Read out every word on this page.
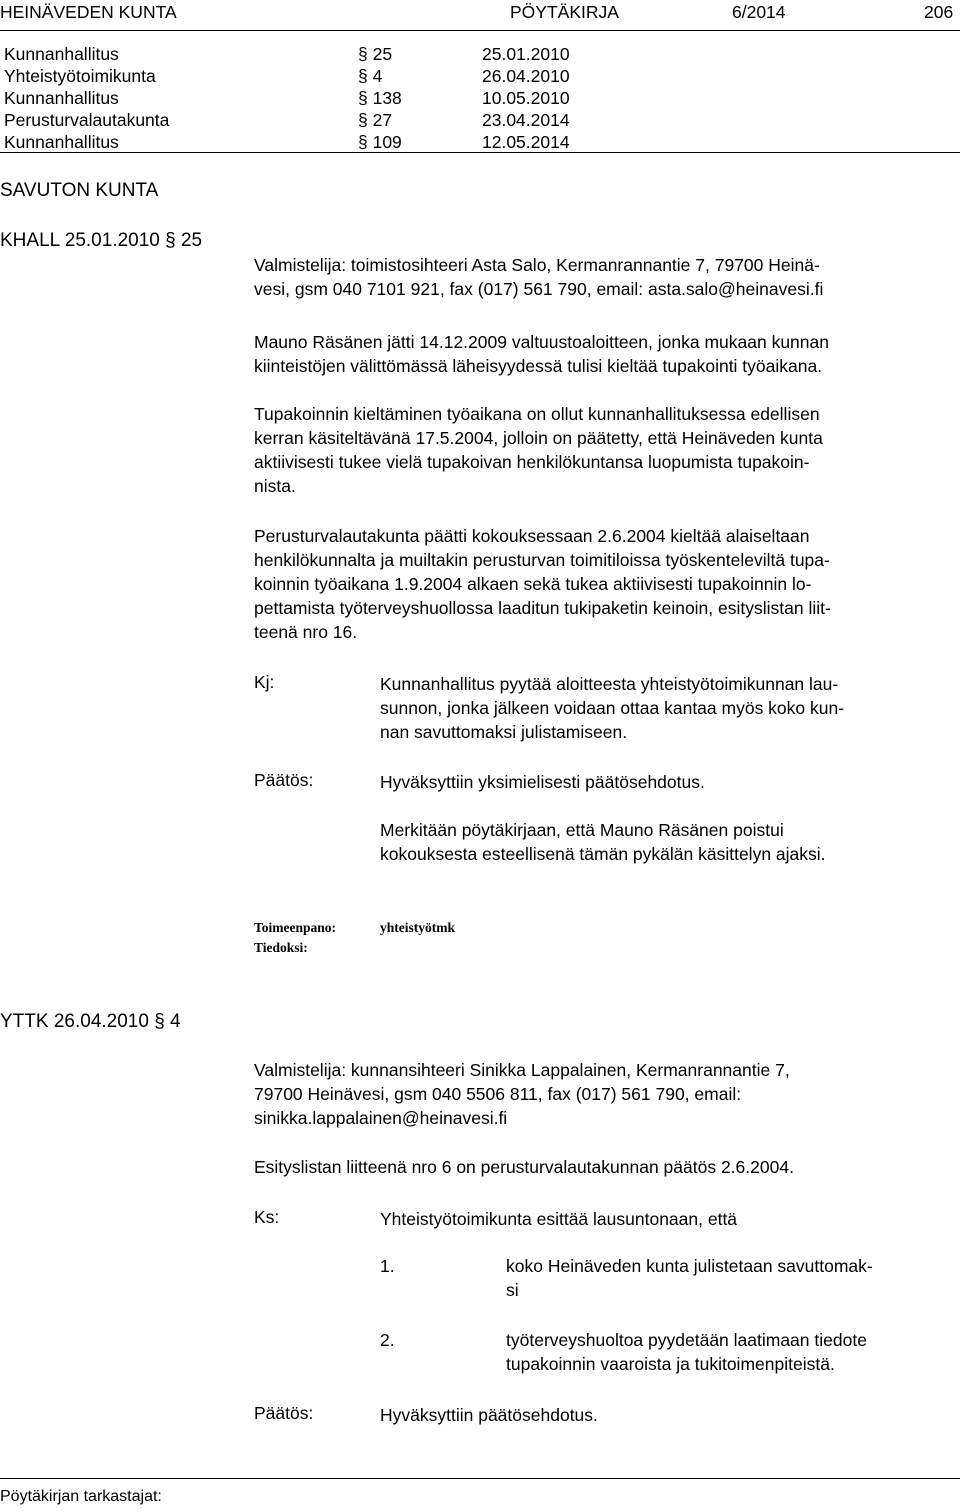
HEINÄVEDEN KUNTA	PÖYTÄKIRJA	6/2014	206
Kunnanhallitus	§ 25	25.01.2010
Yhteistyötoimikunta	§ 4	26.04.2010
Kunnanhallitus	§ 138	10.05.2010
Perusturvalautakunta	§ 27	23.04.2014
Kunnanhallitus	§ 109	12.05.2014
SAVUTON KUNTA
KHALL 25.01.2010 § 25
Valmistelija: toimistosihteeri Asta Salo, Kermanrannantie 7, 79700 Heinä-
vesi, gsm 040 7101 921, fax (017) 561 790, email: asta.salo@heinavesi.fi
Mauno Räsänen jätti 14.12.2009 valtuustoaloitteen, jonka mukaan kunnan
kiinteistöjen välittömässä läheisyydessä tulisi kieltää tupakointi työaikana.
Tupakoinnin kieltäminen työaikana on ollut kunnanhallituksessa edellisen
kerran käsiteltävänä 17.5.2004, jolloin on päätetty, että Heinäveden kunta
aktiivisesti tukee vielä tupakoivan henkilökuntansa luopumista tupakoin-
nista.
Perusturvalautakunta päätti kokouksessaan 2.6.2004 kieltää alaiseltaan
henkilökunnalta ja muiltakin perusturvan toimitiloissa työskenteleviltä tupa-
koinnin työaikana 1.9.2004 alkaen sekä tukea aktiivisesti tupakoinnin lo-
pettamista työterveyshuollossa laaditun tukipaketin keinoin, esityslistan liit-
teenä nro 16.
Kj:	Kunnanhallitus pyytää aloitteesta yhteistyötoimikunnan lau-
sunnon, jonka jälkeen voidaan ottaa kantaa myös koko kun-
nan savuttomaksi julistamiseen.
Päätös:	Hyväksyttiin yksimielisesti päätösehdotus.
Merkitään pöytäkirjaan, että Mauno Räsänen poistui
kokouksesta esteellisenä tämän pykälän käsittelyn ajaksi.
Toimeenpano:	yhteistyötmk
Tiedoksi:
YTTK 26.04.2010 § 4
Valmistelija: kunnansihteeri Sinikka Lappalainen, Kermanrannantie 7,
79700 Heinävesi, gsm 040 5506 811, fax (017) 561 790, email:
sinikka.lappalainen@heinavesi.fi
Esityslistan liitteenä nro 6 on perusturvalautakunnan päätös 2.6.2004.
Ks:	Yhteistyötoimikunta esittää lausuntonaan, että
1.	koko Heinäveden kunta julistetaan savuttomak-
si
2.	työterveyshuoltoa pyydetään laatimaan tiedote
tupakoinnin vaaroista ja tukitoimenpiteistä.
Päätös:	Hyväksyttiin päätösehdotus.
Pöytäkirjan tarkastajat:
